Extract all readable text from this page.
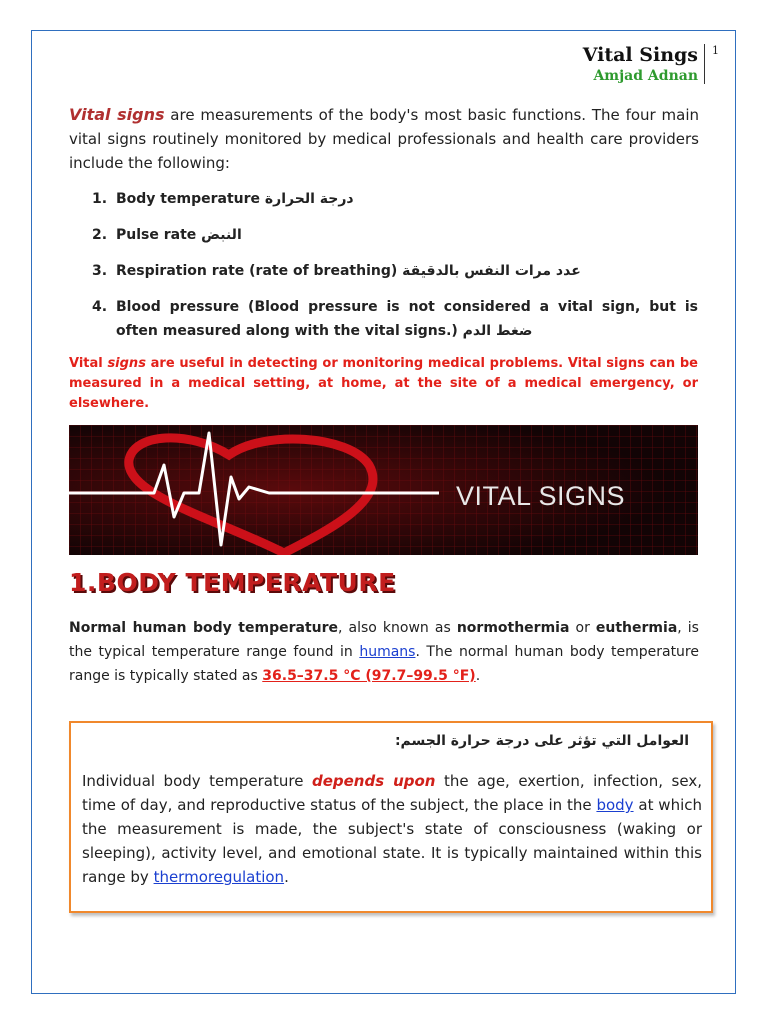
Vital Sings
Amjad Adnan
1
Vital signs are measurements of the body's most basic functions. The four main vital signs routinely monitored by medical professionals and health care providers include the following:
1. Body temperature درجة الحرارة
2. Pulse rate النبض
3. Respiration rate (rate of breathing) عدد مرات النفس بالدقيقة
4. Blood pressure (Blood pressure is not considered a vital sign, but is often measured along with the vital signs.) ضغط الدم
Vital signs are useful in detecting or monitoring medical problems. Vital signs can be measured in a medical setting, at home, at the site of a medical emergency, or elsewhere.
VITAL SIGNS
1.BODY TEMPERATURE
Normal human body temperature, also known as normothermia or euthermia, is the typical temperature range found in humans. The normal human body temperature range is typically stated as 36.5–37.5 °C (97.7–99.5 °F).
العوامل التي تؤثر على درجة حرارة الجسم:
Individual body temperature depends upon the age, exertion, infection, sex, time of day, and reproductive status of the subject, the place in the body at which the measurement is made, the subject's state of consciousness (waking or sleeping), activity level, and emotional state. It is typically maintained within this range by thermoregulation.
